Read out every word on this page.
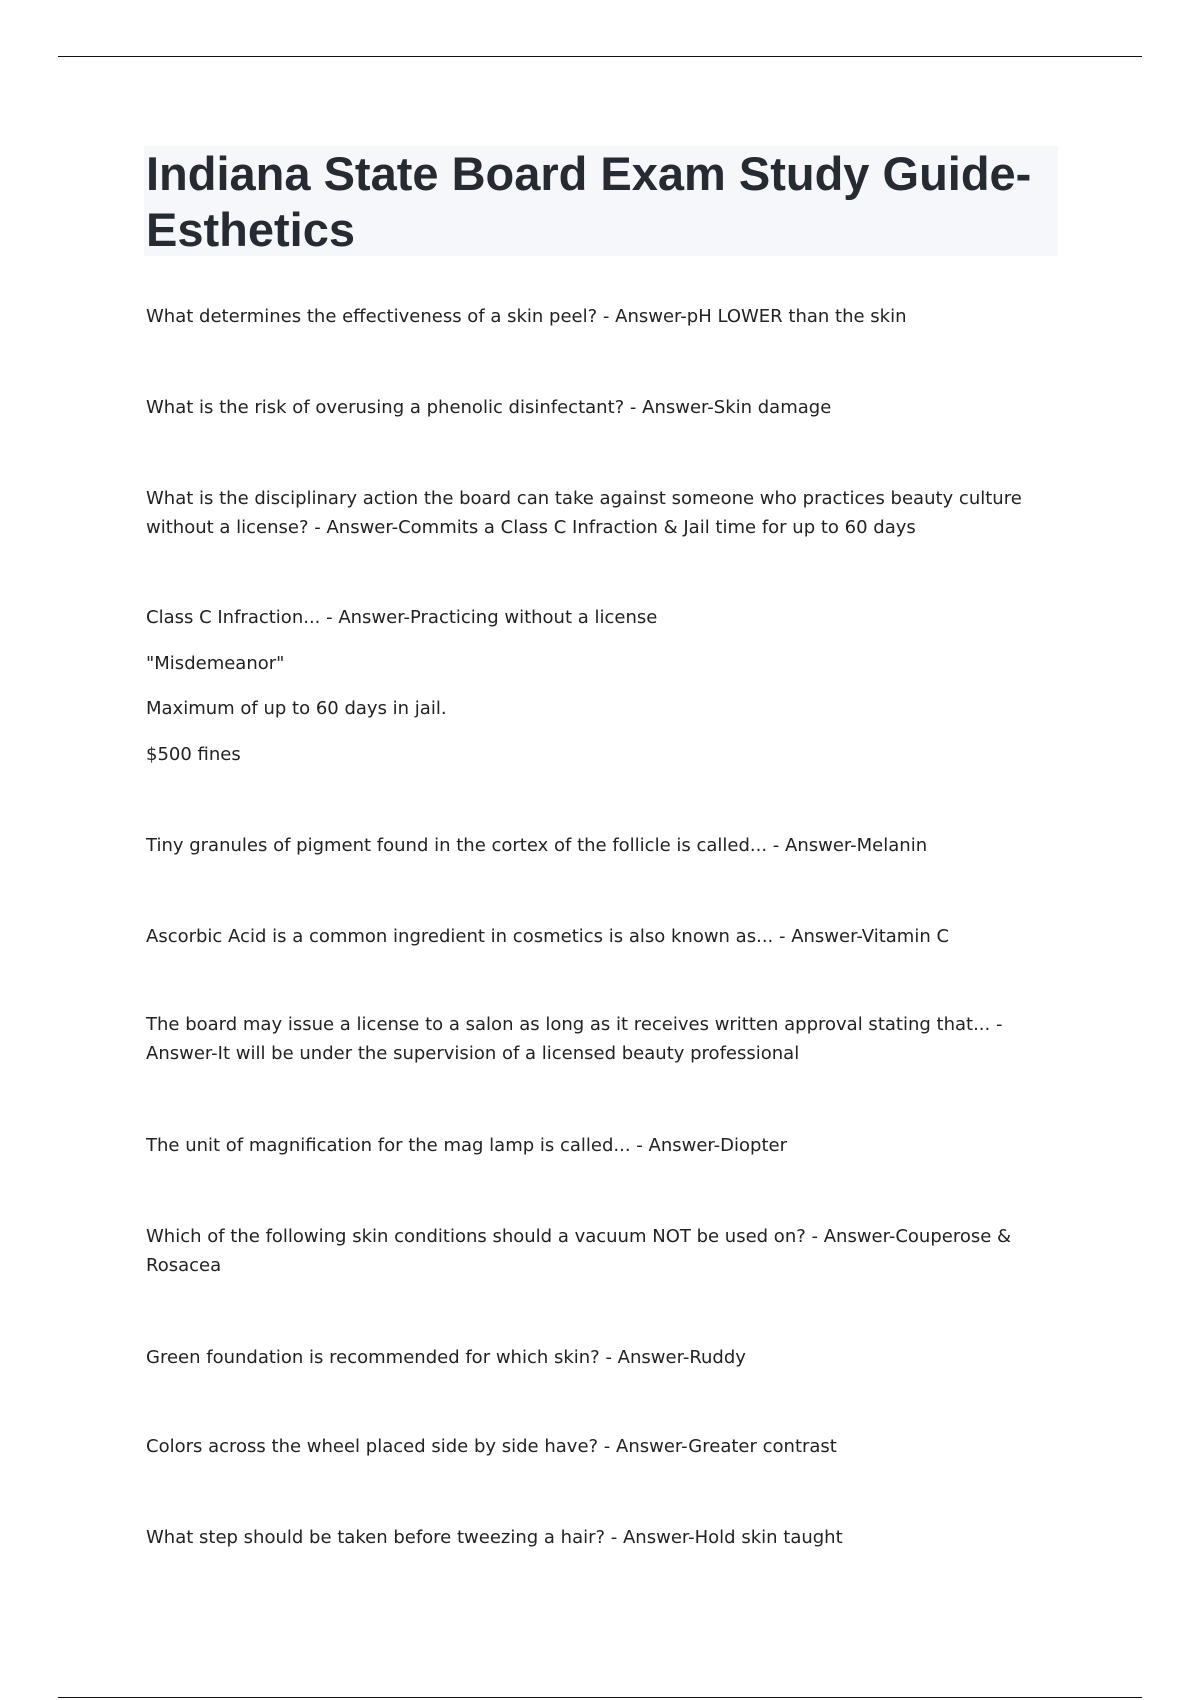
Indiana State Board Exam Study Guide- Esthetics

What determines the effectiveness of a skin peel? - Answer-pH LOWER than the skin

What is the risk of overusing a phenolic disinfectant? - Answer-Skin damage

What is the disciplinary action the board can take against someone who practices beauty culture without a license? - Answer-Commits a Class C Infraction & Jail time for up to 60 days

Class C Infraction... - Answer-Practicing without a license

"Misdemeanor"

Maximum of up to 60 days in jail.

$500 fines

Tiny granules of pigment found in the cortex of the follicle is called... - Answer-Melanin

Ascorbic Acid is a common ingredient in cosmetics is also known as... - Answer-Vitamin C

The board may issue a license to a salon as long as it receives written approval stating that... - Answer-It will be under the supervision of a licensed beauty professional

The unit of magnification for the mag lamp is called... - Answer-Diopter

Which of the following skin conditions should a vacuum NOT be used on? - Answer-Couperose & Rosacea

Green foundation is recommended for which skin? - Answer-Ruddy

Colors across the wheel placed side by side have? - Answer-Greater contrast

What step should be taken before tweezing a hair? - Answer-Hold skin taught
